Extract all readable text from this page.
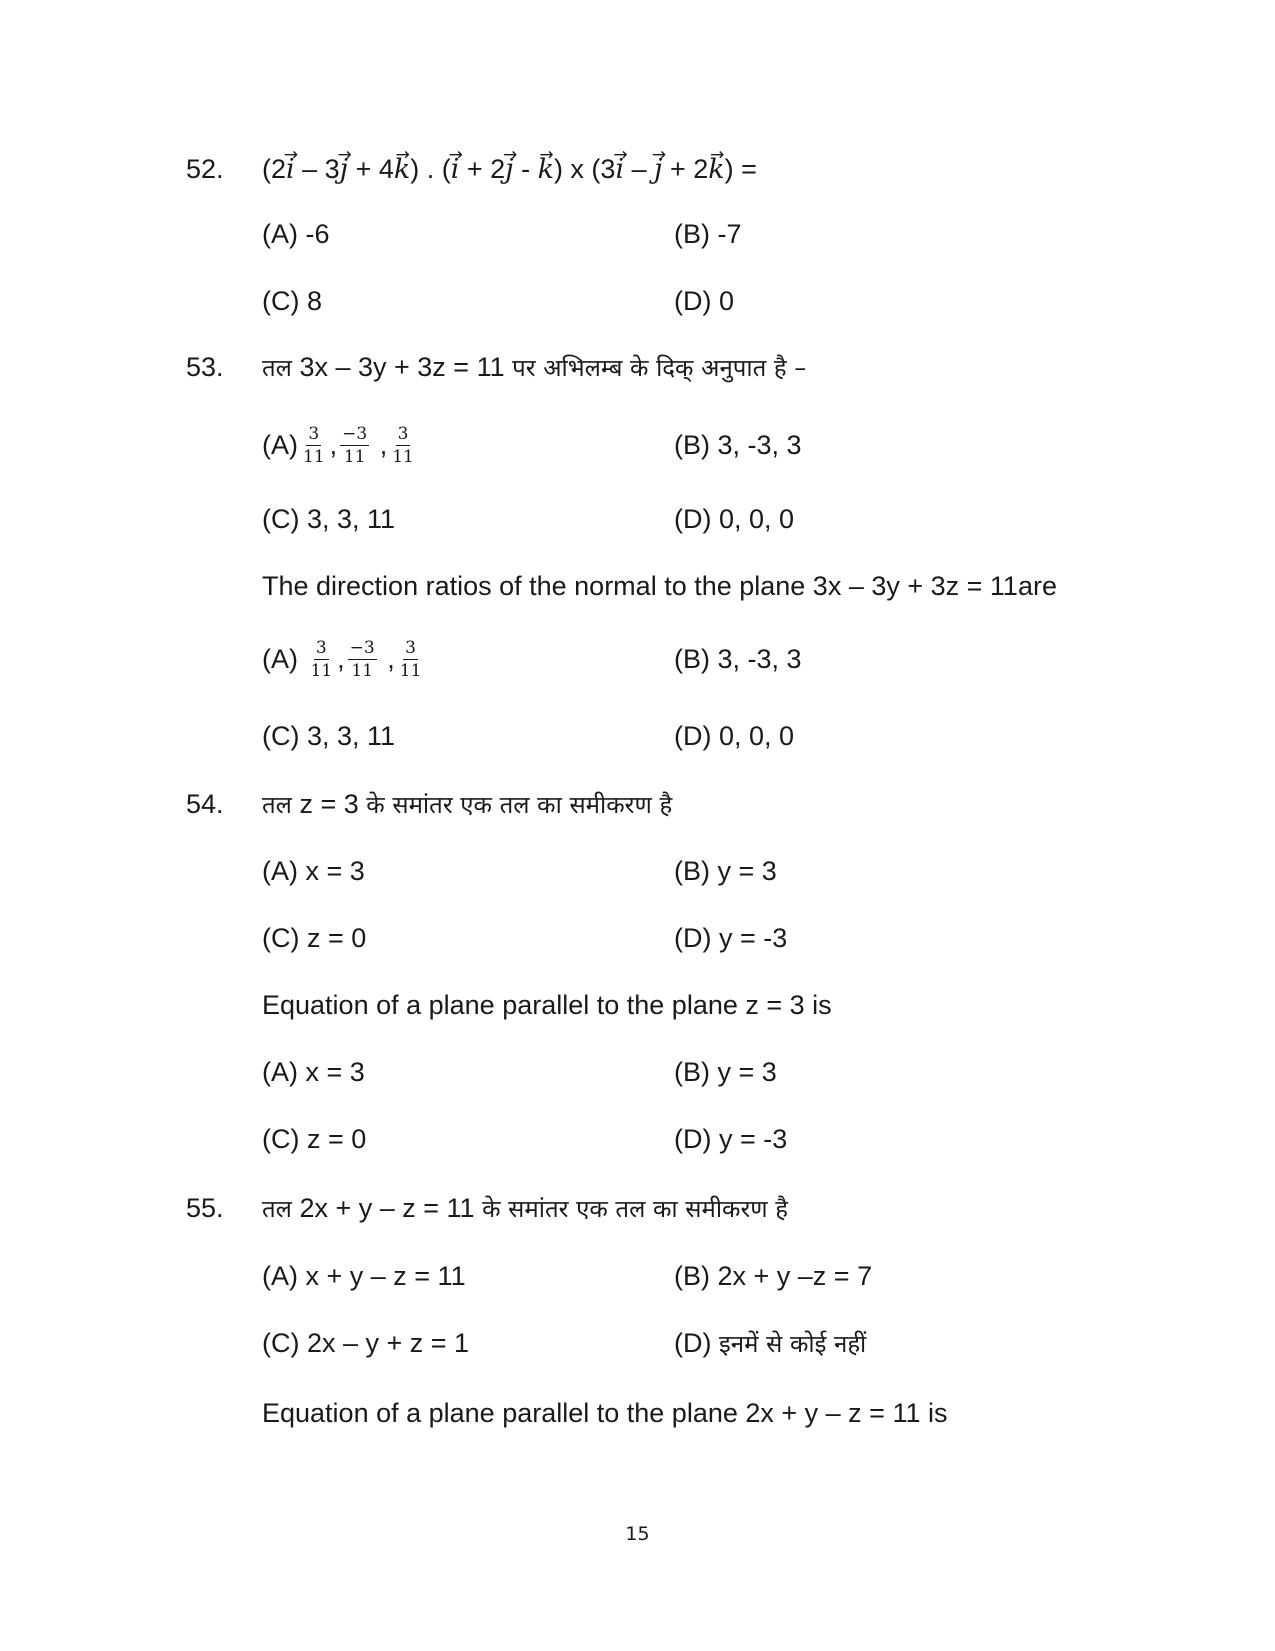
52. (2i → – 3j → + 4k →) . (i → + 2j → - k →) x (3i → – j → + 2k →) =
(A) -6	(B) -7
(C) 8	(D) 0
53. तल 3x – 3y + 3z = 11 पर अभिलम्ब के दिक् अनुपात है –
$(A) \frac{3}{11}$ , $\frac{-3}{11}$ , $\frac{3}{11}$	(B) 3, -3, 3
(C) 3, 3, 11	(D) 0, 0, 0
The direction ratios of the normal to the plane 3x – 3y + 3z = 11are
(A)
$\frac{3}{11}$ , $\frac{-3}{11}$ , $\frac{3}{11}$	(B) 3, -3, 3
(C) 3, 3, 11	(D) 0, 0, 0
54. तल z = 3 के समांतर एक तल का समीकरण है
(A) x = 3	(B) y = 3
(C) z = 0	(D) y = -3
Equation of a plane parallel to the plane z = 3 is
(A) x = 3	(B) y = 3
(C) z = 0	(D) y = -3
55. तल 2x + y – z = 11 के समांतर एक तल का समीकरण है
(A) x + y – z = 11	(B) 2x + y –z = 7
(C) 2x – y + z = 1	(D) इनमें से कोई नहीं
Equation of a plane parallel to the plane 2x + y – z = 11 is
15
